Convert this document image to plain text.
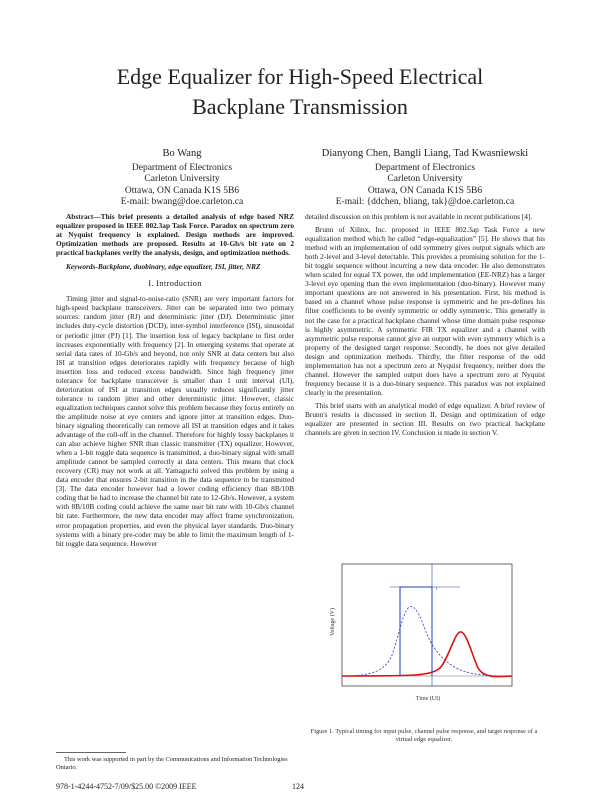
Edge Equalizer for High-Speed Electrical
Backplane Transmission
Bo Wang
Department of Electronics
Carleton University
Ottawa, ON Canada K1S 5B6
E-mail: bwang@doe.carleton.ca
Dianyong Chen, Bangli Liang, Tad Kwasniewski
Department of Electronics
Carleton University
Ottawa, ON Canada K1S 5B6
E-mail: {ddchen, bliang, tak}@doe.carleton.ca

Abstract—This brief presents a detailed analysis of edge based NRZ equalizer proposed in IEEE 802.3ap Task Force. Paradox on spectrum zero at Nyquist frequency is explained. Design methods are improved. Optimization methods are proposed. Results at 10-Gb/s bit rate on 2 practical backplanes verify the analysis, design, and optimization methods.

Keywords-Backplane, duobinary, edge equalizer, ISI, jitter, NRZ

I. Introduction

Timing jitter and signal-to-noise-ratio (SNR) are very important factors for high-speed backplane transceivers. Jitter can be separated into two primary sources: random jitter (RJ) and deterministic jitter (DJ). Deterministic jitter includes duty-cycle distortion (DCD), inter-symbol interference (ISI), sinusoidal or periodic jitter (PJ) [1]. The insertion loss of legacy backplane to first order increases exponentially with frequency [2]. In emerging systems that operate at serial data rates of 10-Gb/s and beyond, not only SNR at data centers but also ISI at transition edges deteriorates rapidly with frequency because of high insertion loss and reduced excess bandwidth. Since high frequency jitter tolerance for backplane transceiver is smaller than 1 unit interval (UI), deterioration of ISI at transition edges usually reduces significantly jitter tolerance to random jitter and other deterministic jitter. However, classic equalization techniques cannot solve this problem because they focus entirely on the amplitude noise at eye centers and ignore jitter at transition edges. Duo-binary signaling theoretically can remove all ISI at transition edges and it takes advantage of the roll-off in the channel. Therefore for highly lossy backplanes it can also achieve higher SNR than classic transmitter (TX) equalizer. However, when a 1-bit toggle data sequence is transmitted, a duo-binary signal with small amplitude cannot be sampled correctly at data centers. This means that clock recovery (CR) may not work at all. Yamaguchi solved this problem by using a data encoder that ensures 2-bit transition in the data sequence to be transmitted [3]. The data encoder however had a lower coding efficiency than 8B/10B coding that he had to increase the channel bit rate to 12-Gb/s. However, a system with 8B/10B coding could achieve the same user bit rate with 10-Gb/s channel bit rate. Furthermore, the new data encoder may affect frame synchronization, error propagation properties, and even the physical layer standards. Duo-binary systems with a binary pre-coder may be able to limit the maximum length of 1-bit toggle data sequence. However

detailed discussion on this problem is not available in recent publications [4].

Brunn of Xilinx, Inc. proposed in IEEE 802.3ap Task Force a new equalization method which he called “edge-equalization” [5]. He shows that his method with an implementation of odd symmetry gives output signals which are both 2-level and 3-level detectable. This provides a promising solution for the 1-bit toggle sequence without incurring a new data encoder. He also demonstrates when scaled for equal TX power, the odd implementation (EE-NRZ) has a larger 3-level eye opening than the even implementation (duo-binary). However many important questions are not answered in his presentation. First, his method is based on a channel whose pulse response is symmetric and he pre-defines his filter coefficients to be evenly symmetric or oddly symmetric. This generally is not the case for a practical backplane channel whose time domain pulse response is highly asymmetric. A symmetric FIR TX equalizer and a channel with asymmetric pulse response cannot give an output with even symmetry which is a property of the designed target response. Secondly, he does not give detailed design and optimization methods. Thirdly, the filter response of the odd implementation has not a spectrum zero at Nyquist frequency, neither does the channel. However the sampled output does have a spectrum zero at Nyquist frequency because it is a duo-binary sequence. This paradox was not explained clearly in the presentation.

This brief starts with an analytical model of edge equalizer. A brief review of Brunn's results is discussed in section II. Design and optimization of edge equalizer are presented in section III. Results on two practical backplane channels are given in section IV. Conclusion is made in section V.

Voltage (V)
t
Time (UI)
Figure 1. Typical timing for input pulse, channel pulse response, and target response of a virtual edge equalizer.
This work was supported in part by the Communications and Information Technologies Ontario.
978-1-4244-4752-7/09/$25.00 ©2009 IEEE	124
